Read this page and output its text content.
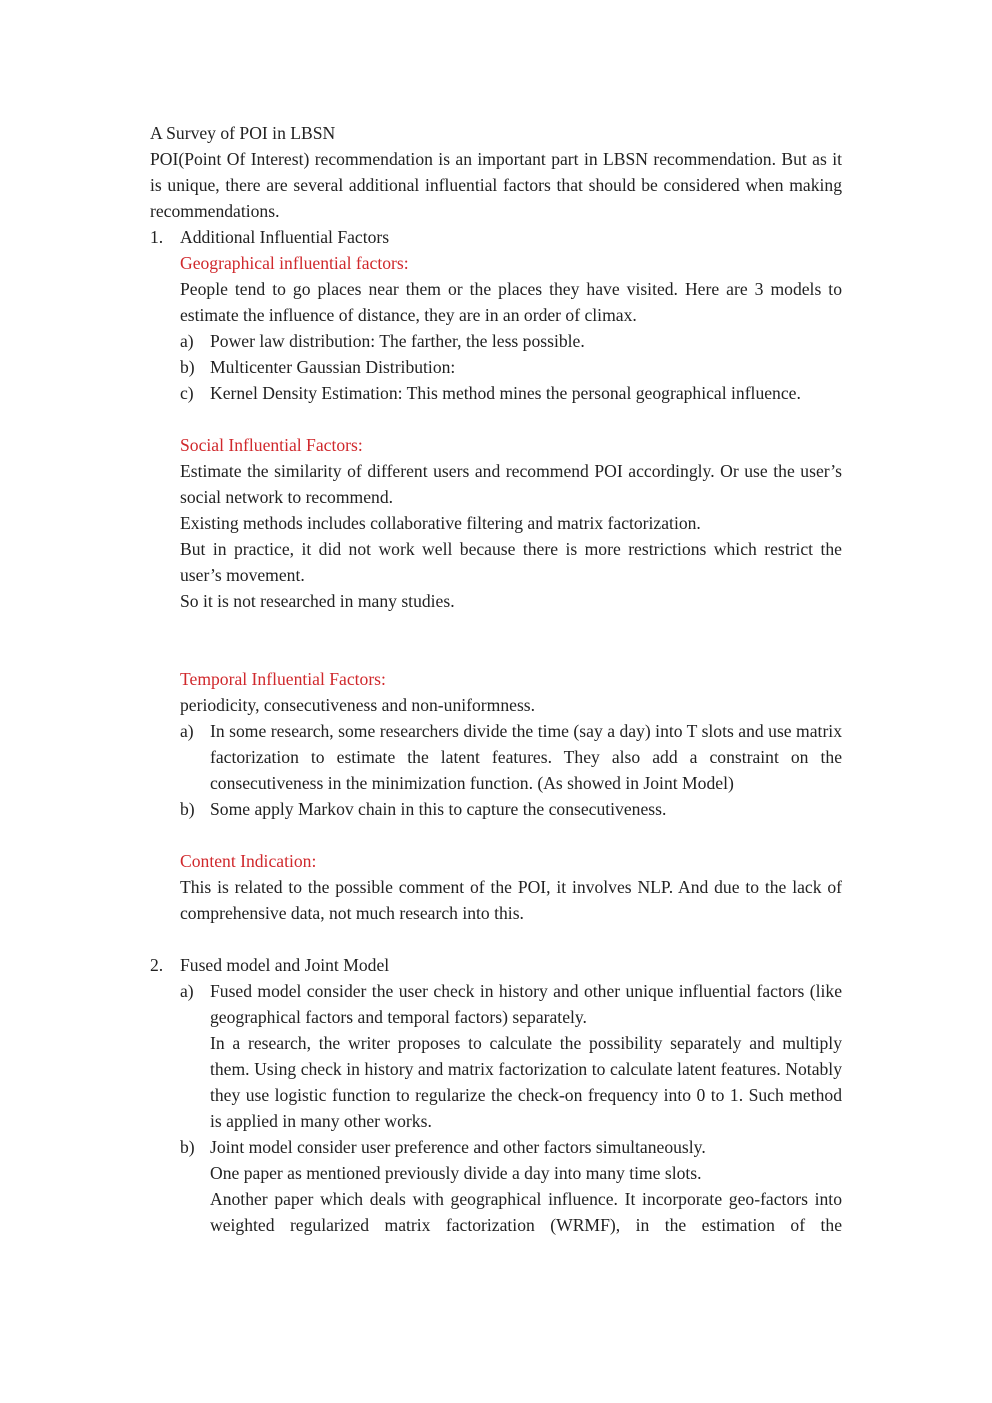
A Survey of POI in LBSN

POI(Point Of Interest) recommendation is an important part in LBSN recommendation. But as it is unique, there are several additional influential factors that should be considered when making recommendations.

1. Additional Influential Factors

Geographical influential factors:

People tend to go places near them or the places they have visited. Here are 3 models to estimate the influence of distance, they are in an order of climax.

a) Power law distribution: The farther, the less possible.

b) Multicenter Gaussian Distribution:

c) Kernel Density Estimation: This method mines the personal geographical influence.

Social Influential Factors:

Estimate the similarity of different users and recommend POI accordingly. Or use the user’s social network to recommend.

Existing methods includes collaborative filtering and matrix factorization.

But in practice, it did not work well because there is more restrictions which restrict the user’s movement.

So it is not researched in many studies.

Temporal Influential Factors:

periodicity, consecutiveness and non-uniformness.

a) In some research, some researchers divide the time (say a day) into T slots and use matrix factorization to estimate the latent features. They also add a constraint on the consecutiveness in the minimization function. (As showed in Joint Model)

b) Some apply Markov chain in this to capture the consecutiveness.

Content Indication:

This is related to the possible comment of the POI, it involves NLP. And due to the lack of comprehensive data, not much research into this.

2. Fused model and Joint Model

a) Fused model consider the user check in history and other unique influential factors (like geographical factors and temporal factors) separately.

In a research, the writer proposes to calculate the possibility separately and multiply them. Using check in history and matrix factorization to calculate latent features. Notably they use logistic function to regularize the check-on frequency into 0 to 1. Such method is applied in many other works.

b) Joint model consider user preference and other factors simultaneously.

One paper as mentioned previously divide a day into many time slots.

Another paper which deals with geographical influence. It incorporate geo-factors into weighted regularized matrix factorization (WRMF), in the estimation of the
